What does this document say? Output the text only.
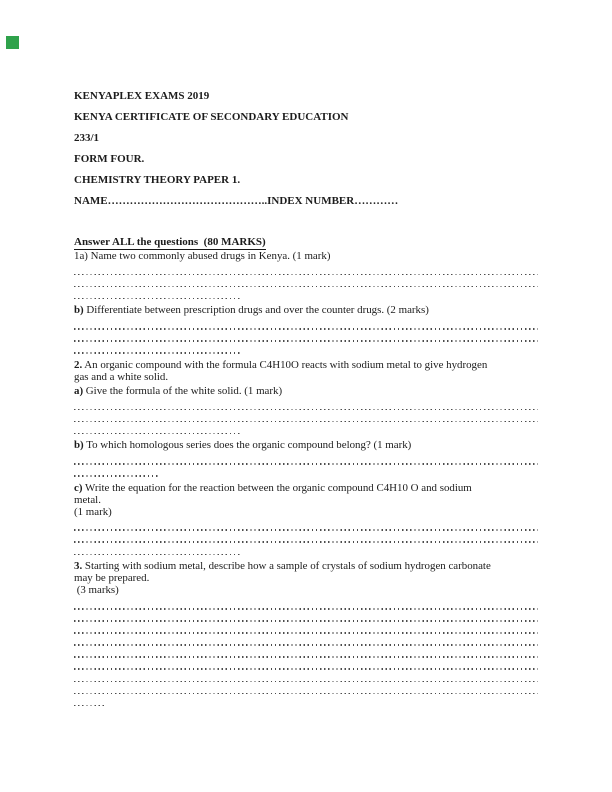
KENYAPLEX EXAMS 2019
KENYA CERTIFICATE OF SECONDARY EDUCATION
233/1
FORM FOUR.
CHEMISTRY THEORY PAPER 1.
NAME……………………………………..INDEX NUMBER…………
Answer ALL the questions  (80 MARKS)
1a) Name two commonly abused drugs in Kenya. (1 mark)
b) Differentiate between prescription drugs and over the counter drugs. (2 marks)
2. An organic compound with the formula C4H10O reacts with sodium metal to give hydrogen
gas and a white solid.
a) Give the formula of the white solid. (1 mark)
b) To which homologous series does the organic compound belong? (1 mark)
c) Write the equation for the reaction between the organic compound C4H10 O and sodium
metal.
(1 mark)
3. Starting with sodium metal, describe how a sample of crystals of sodium hydrogen carbonate
may be prepared.
(3 marks)
